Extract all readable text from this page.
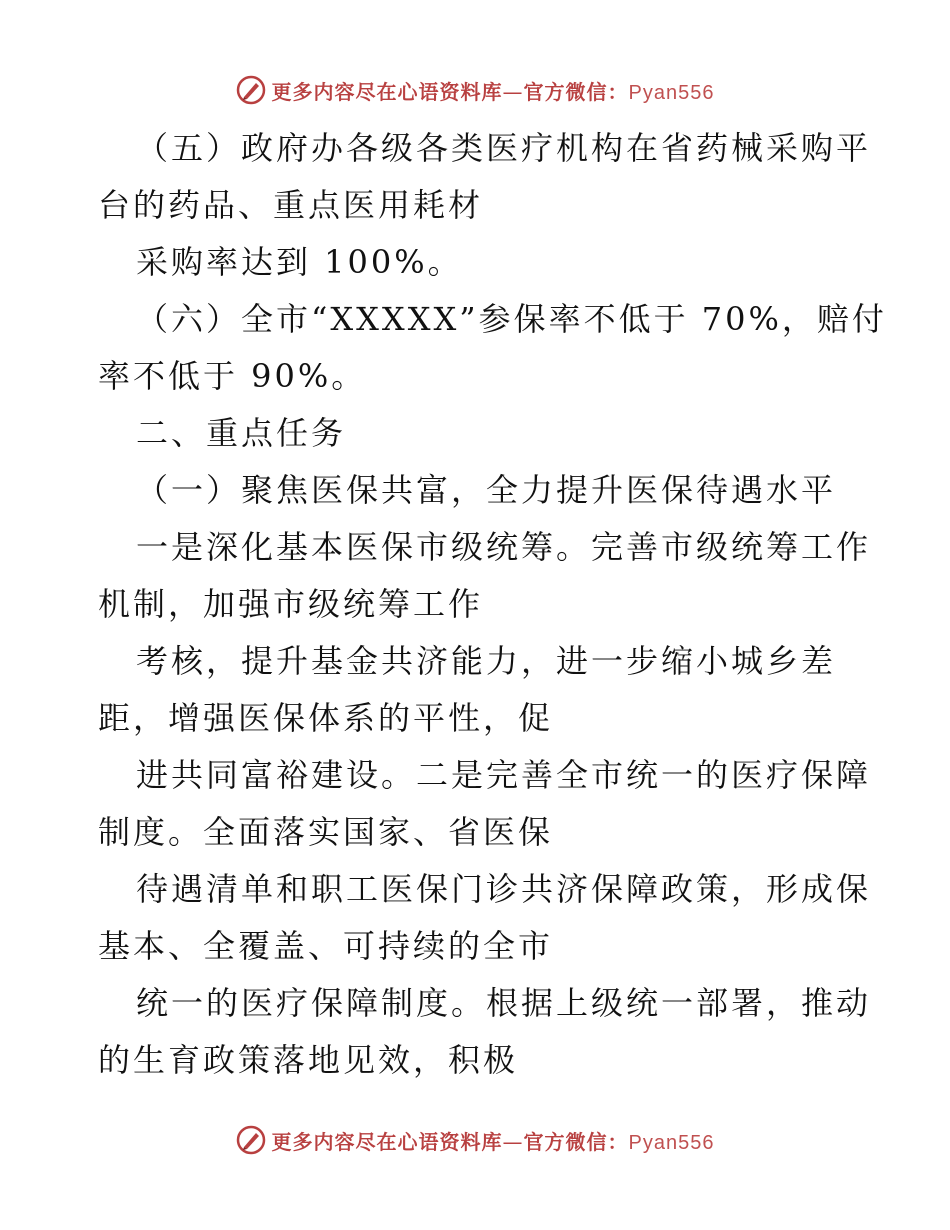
更多内容尽在心语资料库—官方微信：Pyan556
（五）政府办各级各类医疗机构在省药械采购平
台的药品、重点医用耗材
采购率达到 100%。
（六）全市“XXXXX”参保率不低于 70%，赔付
率不低于 90%。
二、重点任务
（一）聚焦医保共富，全力提升医保待遇水平
一是深化基本医保市级统筹。完善市级统筹工作
机制，加强市级统筹工作
考核，提升基金共济能力，进一步缩小城乡差
距，增强医保体系的平性，促
进共同富裕建设。二是完善全市统一的医疗保障
制度。全面落实国家、省医保
待遇清单和职工医保门诊共济保障政策，形成保
基本、全覆盖、可持续的全市
统一的医疗保障制度。根据上级统一部署，推动
的生育政策落地见效，积极
更多内容尽在心语资料库—官方微信：Pyan556
